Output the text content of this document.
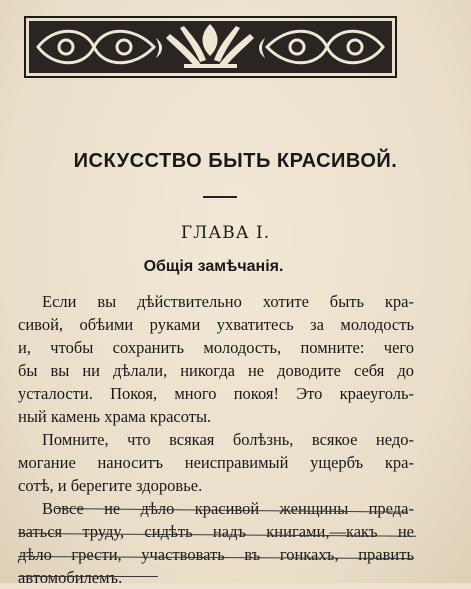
ИСКУССТВО БЫТЬ КРАСИВОЙ.
ГЛАВА I.
Общія замѣчанія.
Если вы дѣйствительно хотите быть кра-
сивой, обѣими руками ухватитесь за молодость
и, чтобы сохранить молодость, помните: чего
бы вы ни дѣлали, никогда не доводите себя до
усталости. Покоя, много покоя! Это краеуголь-
ный камень храма красоты.
Помните, что всякая болѣзнь, всякое недо-
могание наноситъ неисправимый ущербъ кра-
сотѣ, и берегите здоровье.
Вовсе не дѣло красивой женщины преда-
ваться труду, сидѣть надъ книгами,—какъ не
дѣло грести, участвовать въ гонкахъ, править
автомобилемъ.
